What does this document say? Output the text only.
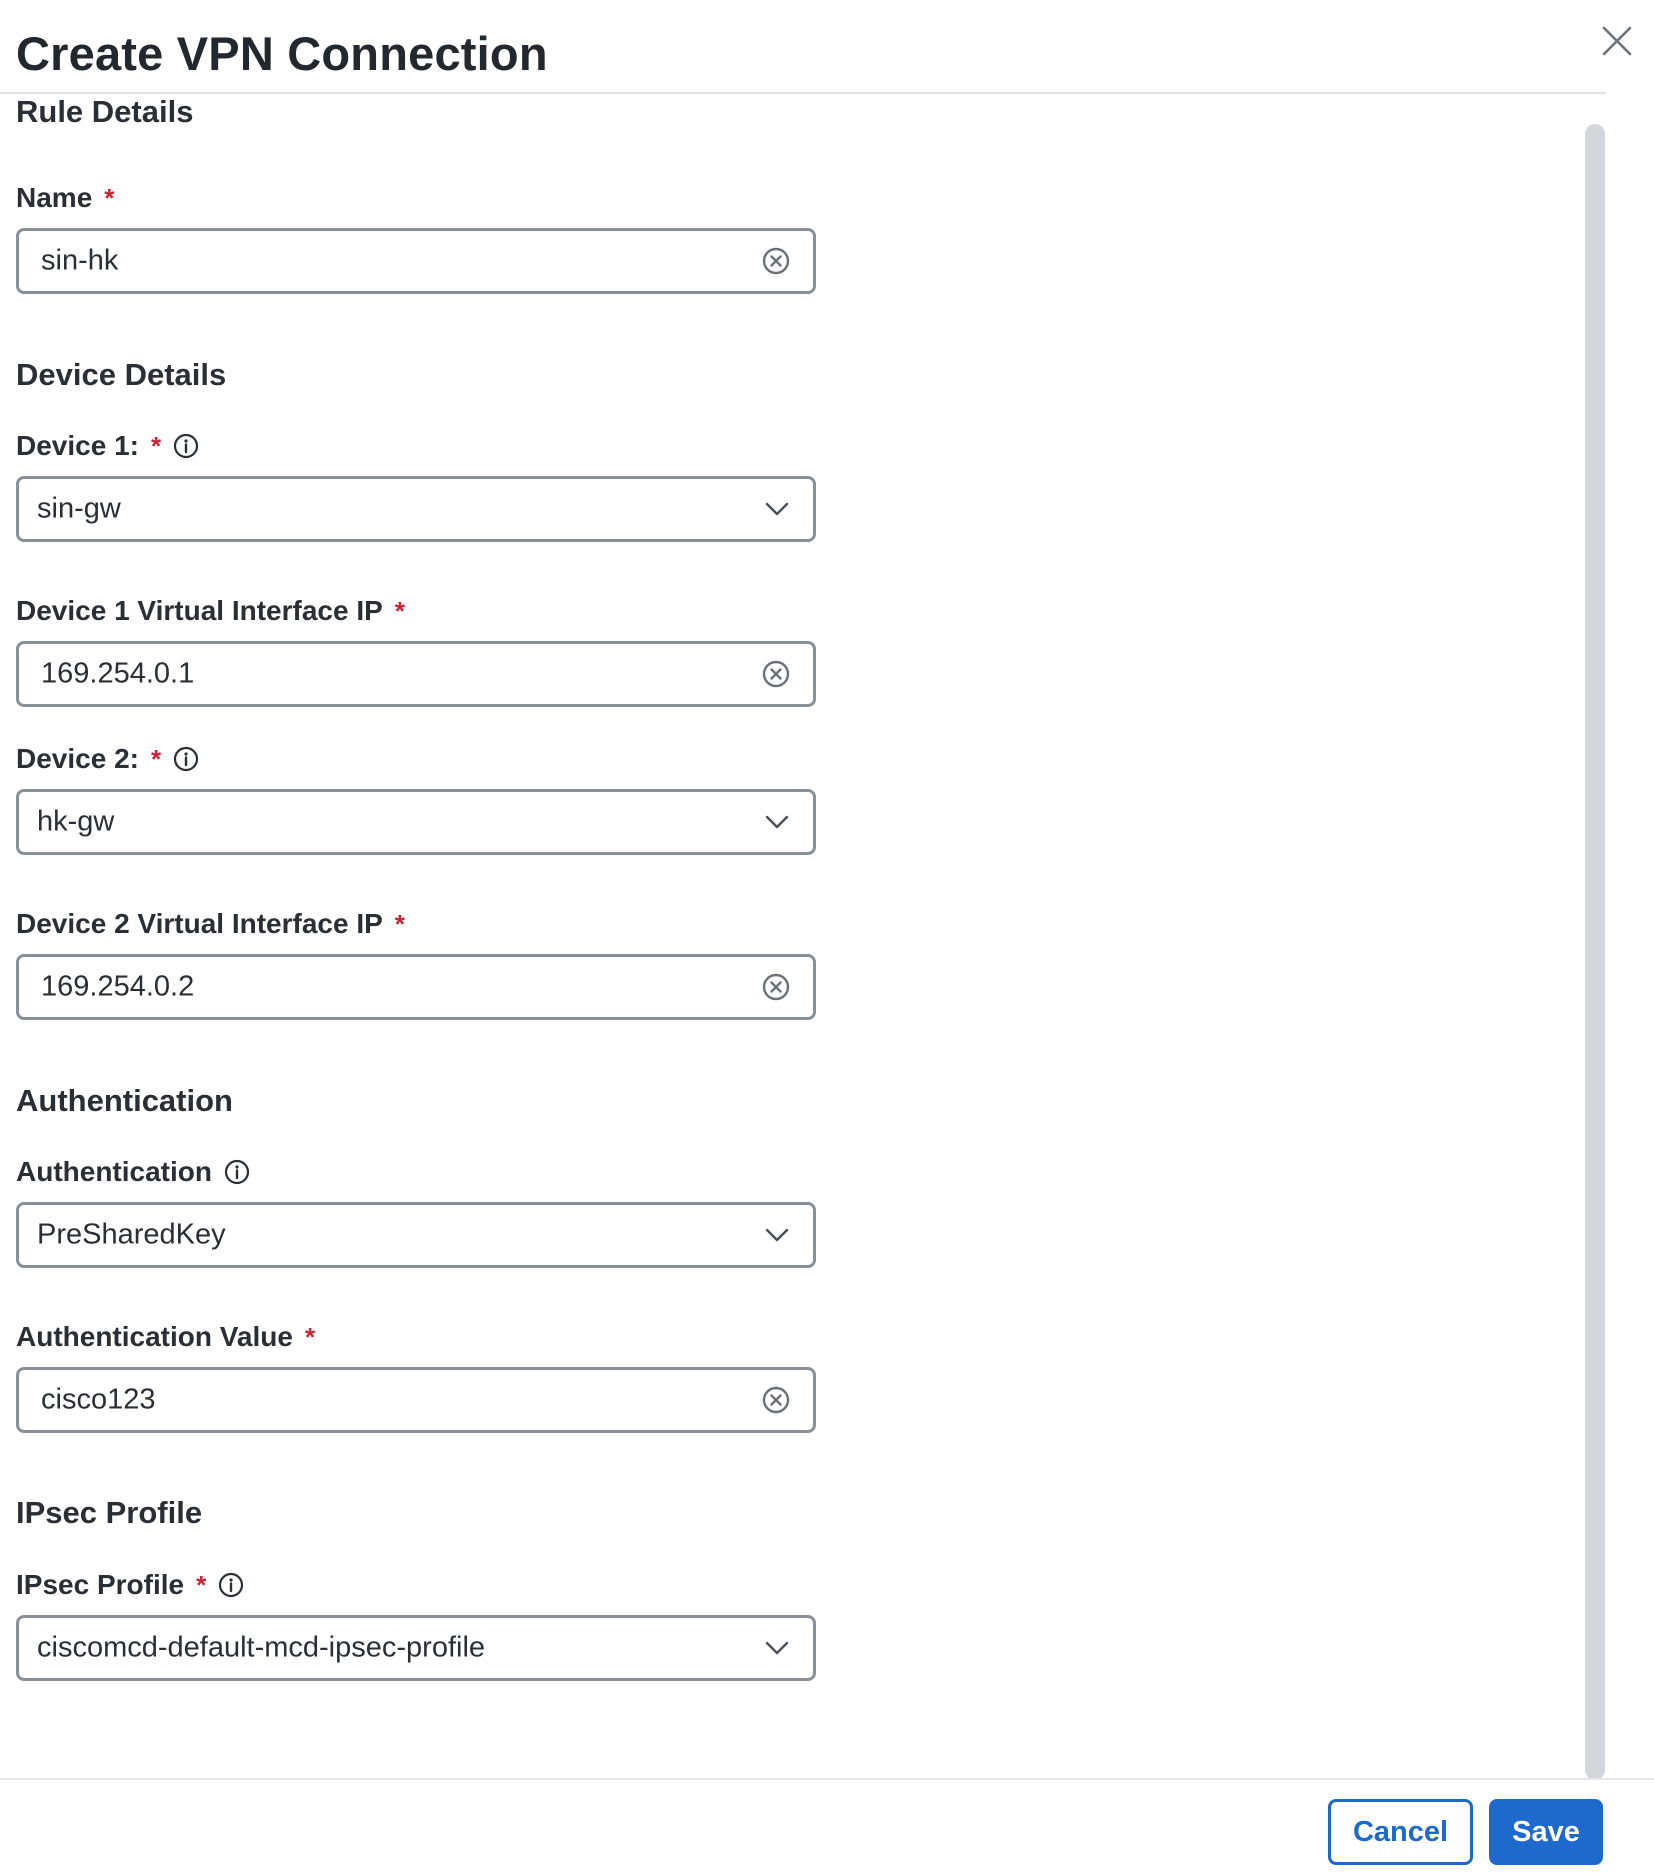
Create VPN Connection
Rule Details
Name *
sin-hk
Device Details
Device 1: *
sin-gw
Device 1 Virtual Interface IP *
169.254.0.1
Device 2: *
hk-gw
Device 2 Virtual Interface IP *
169.254.0.2
Authentication
Authentication
PreSharedKey
Authentication Value *
cisco123
IPsec Profile
IPsec Profile *
ciscomcd-default-mcd-ipsec-profile
Cancel	Save
